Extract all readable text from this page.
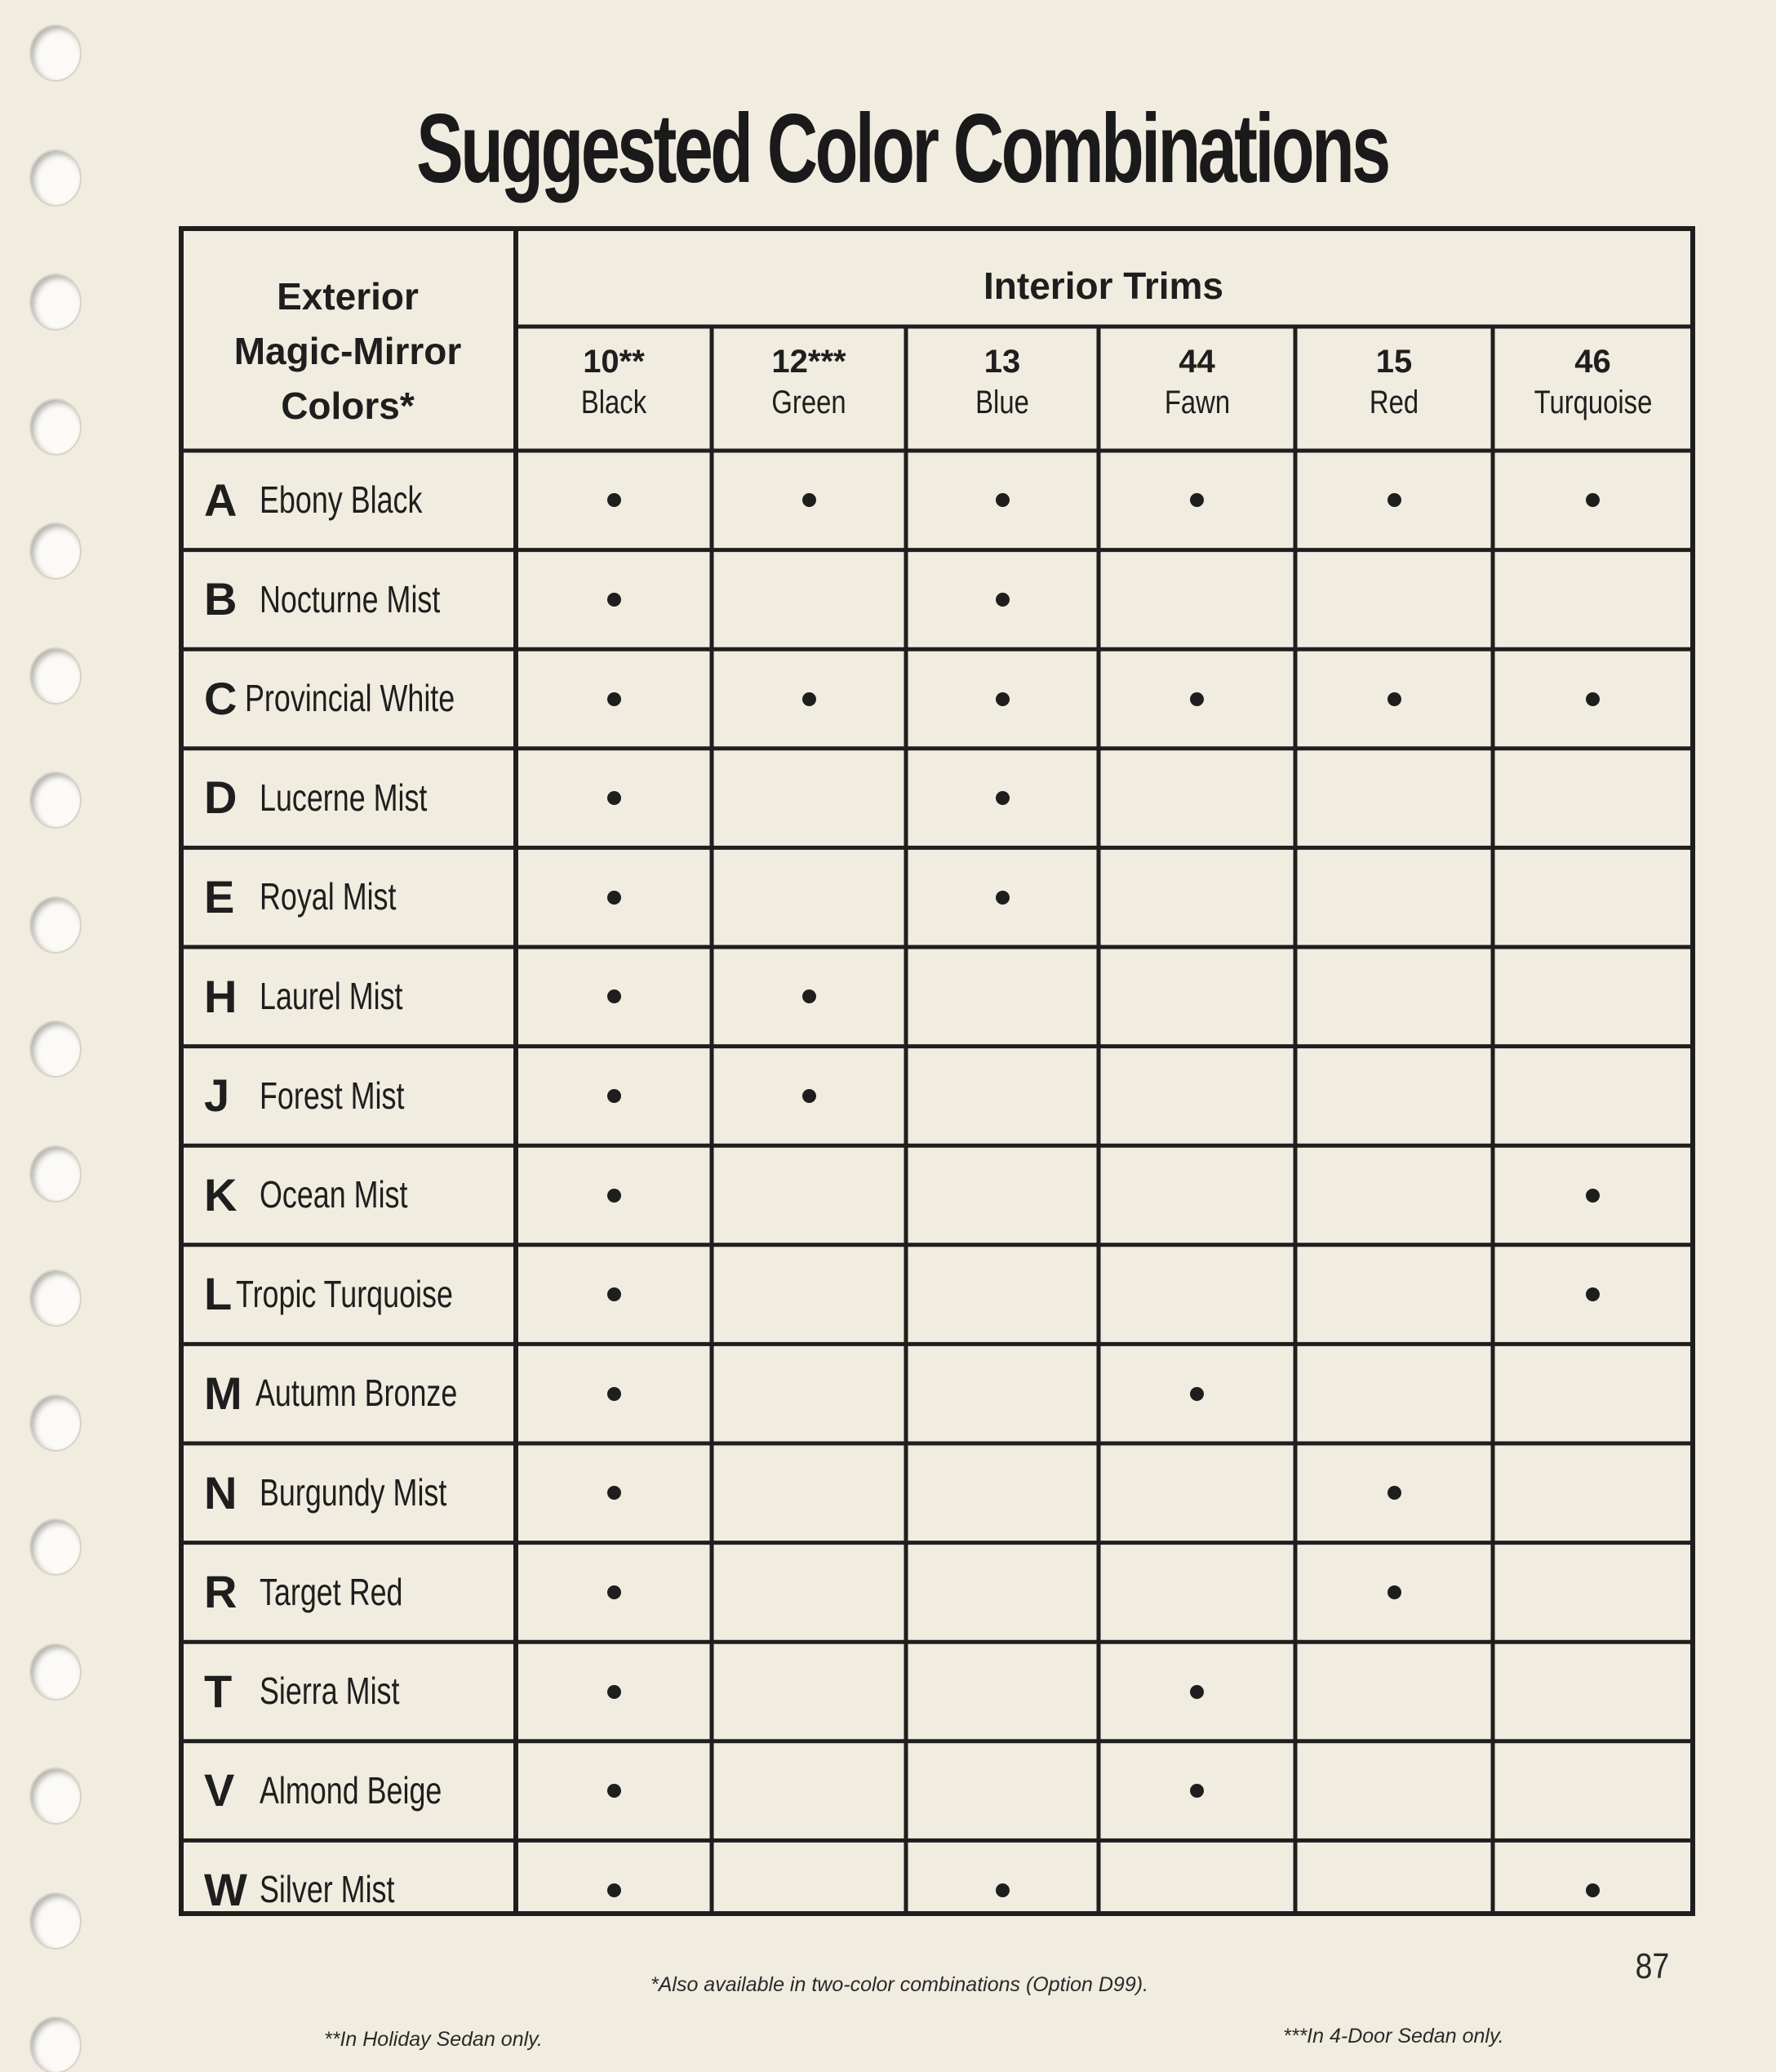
Suggested Color Combinations
Exterior
Magic-Mirror
Colors*
Interior Trims
10**
Black
12***
Green
13
Blue
44
Fawn
15
Red
46
Turquoise
A Ebony Black
B Nocturne Mist
C Provincial White
D Lucerne Mist
E Royal Mist
H Laurel Mist
J Forest Mist
K Ocean Mist
L Tropic Turquoise
M Autumn Bronze
N Burgundy Mist
R Target Red
T Sierra Mist
V Almond Beige
W Silver Mist
87
*Also available in two-color combinations (Option D99).
**In Holiday Sedan only.	***In 4-Door Sedan only.
